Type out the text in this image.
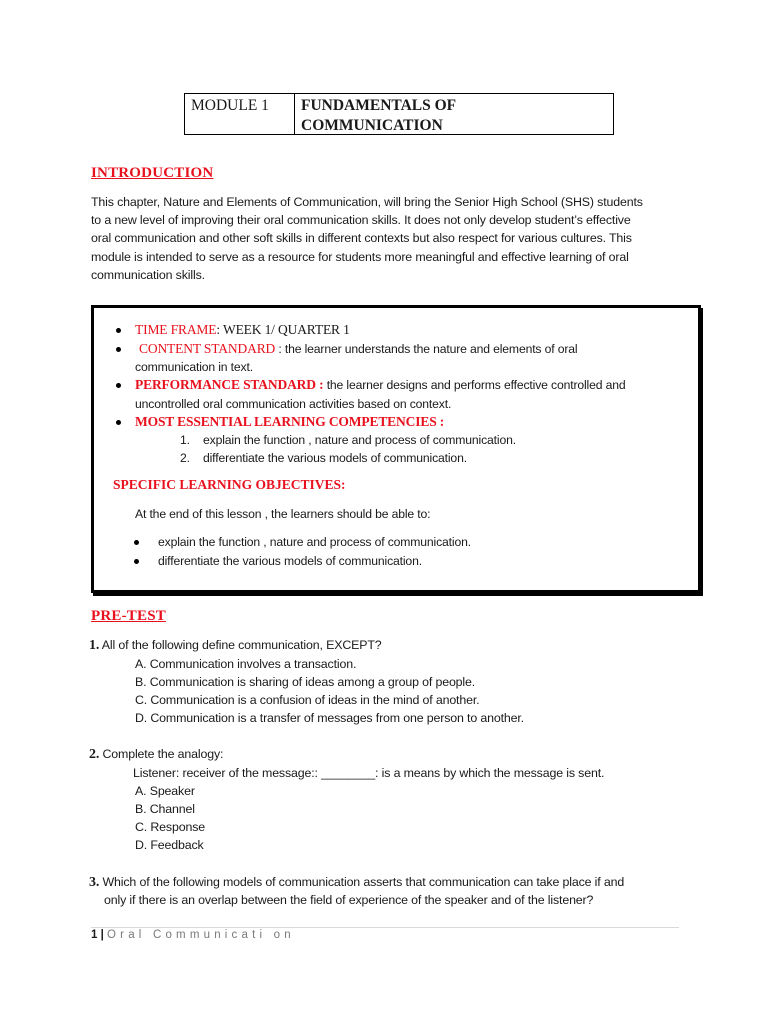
MODULE 1	FUNDAMENTALS OF
COMMUNICATION
INTRODUCTION
This chapter, Nature and Elements of Communication, will bring the Senior High School (SHS) students
to a new level of improving their oral communication skills. It does not only develop student’s effective
oral communication and other soft skills in different contexts but also respect for various cultures. This
module is intended to serve as a resource for students more meaningful and effective learning of oral
communication skills.
TIME FRAME: WEEK 1/ QUARTER 1
CONTENT STANDARD : the learner understands the nature and elements of oral
communication in text.
PERFORMANCE STANDARD : the learner designs and performs effective controlled and
uncontrolled oral communication activities based on context.
MOST ESSENTIAL LEARNING COMPETENCIES :
1. explain the function , nature and process of communication.
2. differentiate the various models of communication.
SPECIFIC LEARNING OBJECTIVES:
At the end of this lesson , the learners should be able to:
explain the function , nature and process of communication.
differentiate the various models of communication.
PRE-TEST
1. All of the following define communication, EXCEPT?
A. Communication involves a transaction.
B. Communication is sharing of ideas among a group of people.
C. Communication is a confusion of ideas in the mind of another.
D. Communication is a transfer of messages from one person to another.
2. Complete the analogy:
Listener: receiver of the message:: ________: is a means by which the message is sent.
A. Speaker
B. Channel
C. Response
D. Feedback
3. Which of the following models of communication asserts that communication can take place if and
only if there is an overlap between the field of experience of the speaker and of the listener?
1 | Oral Communicati on
